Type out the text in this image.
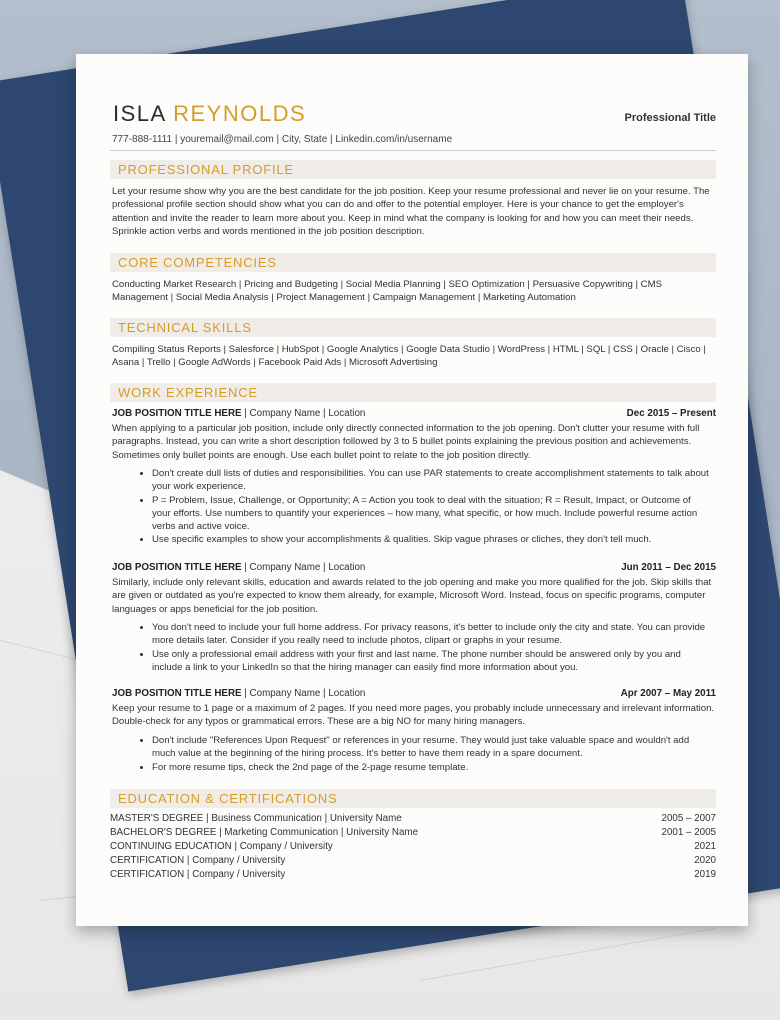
ISLA REYNOLDS	Professional Title
777-888-1111 | youremail@mail.com | City, State | Linkedin.com/in/username
PROFESSIONAL PROFILE
Let your resume show why you are the best candidate for the job position. Keep your resume professional and never lie on your resume. The professional profile section should show what you can do and offer to the potential employer. Here is your chance to get the employer's attention and invite the reader to learn more about you. Keep in mind what the company is looking for and how you can meet their needs. Sprinkle action verbs and words mentioned in the job position description.
CORE COMPETENCIES
Conducting Market Research | Pricing and Budgeting | Social Media Planning | SEO Optimization | Persuasive Copywriting | CMS Management | Social Media Analysis | Project Management | Campaign Management | Marketing Automation
TECHNICAL SKILLS
Compiling Status Reports | Salesforce | HubSpot | Google Analytics | Google Data Studio | WordPress | HTML | SQL | CSS | Oracle | Cisco | Asana | Trello | Google AdWords | Facebook Paid Ads | Microsoft Advertising
WORK EXPERIENCE
JOB POSITION TITLE HERE | Company Name | Location	Dec 2015 – Present
When applying to a particular job position, include only directly connected information to the job opening. Don't clutter your resume with full paragraphs. Instead, you can write a short description followed by 3 to 5 bullet points explaining the previous position and achievements. Sometimes only bullet points are enough. Use each bullet point to relate to the job position directly.
• Don't create dull lists of duties and responsibilities. You can use PAR statements to create accomplishment statements to talk about your work experience.
• P = Problem, Issue, Challenge, or Opportunity; A = Action you took to deal with the situation; R = Result, Impact, or Outcome of your efforts. Use numbers to quantify your experiences – how many, what specific, or how much. Include powerful resume action verbs and active voice.
• Use specific examples to show your accomplishments & qualities. Skip vague phrases or cliches, they don't tell much.
JOB POSITION TITLE HERE | Company Name | Location	Jun 2011 – Dec 2015
Similarly, include only relevant skills, education and awards related to the job opening and make you more qualified for the job. Skip skills that are given or outdated as you're expected to know them already, for example, Microsoft Word. Instead, focus on specific programs, computer languages or apps beneficial for the job position.
• You don't need to include your full home address. For privacy reasons, it's better to include only the city and state. You can provide more details later. Consider if you really need to include photos, clipart or graphs in your resume.
• Use only a professional email address with your first and last name. The phone number should be answered only by you and include a link to your LinkedIn so that the hiring manager can easily find more information about you.
JOB POSITION TITLE HERE | Company Name | Location	Apr 2007 – May 2011
Keep your resume to 1 page or a maximum of 2 pages. If you need more pages, you probably include unnecessary and irrelevant information. Double-check for any typos or grammatical errors. These are a big NO for many hiring managers.
• Don't include "References Upon Request" or references in your resume. They would just take valuable space and wouldn't add much value at the beginning of the hiring process. It's better to have them ready in a spare document.
• For more resume tips, check the 2nd page of the 2-page resume template.
EDUCATION & CERTIFICATIONS
MASTER'S DEGREE | Business Communication | University Name	2005 – 2007
BACHELOR'S DEGREE | Marketing Communication | University Name	2001 – 2005
CONTINUING EDUCATION | Company / University	2021
CERTIFICATION | Company / University	2020
CERTIFICATION | Company / University	2019
